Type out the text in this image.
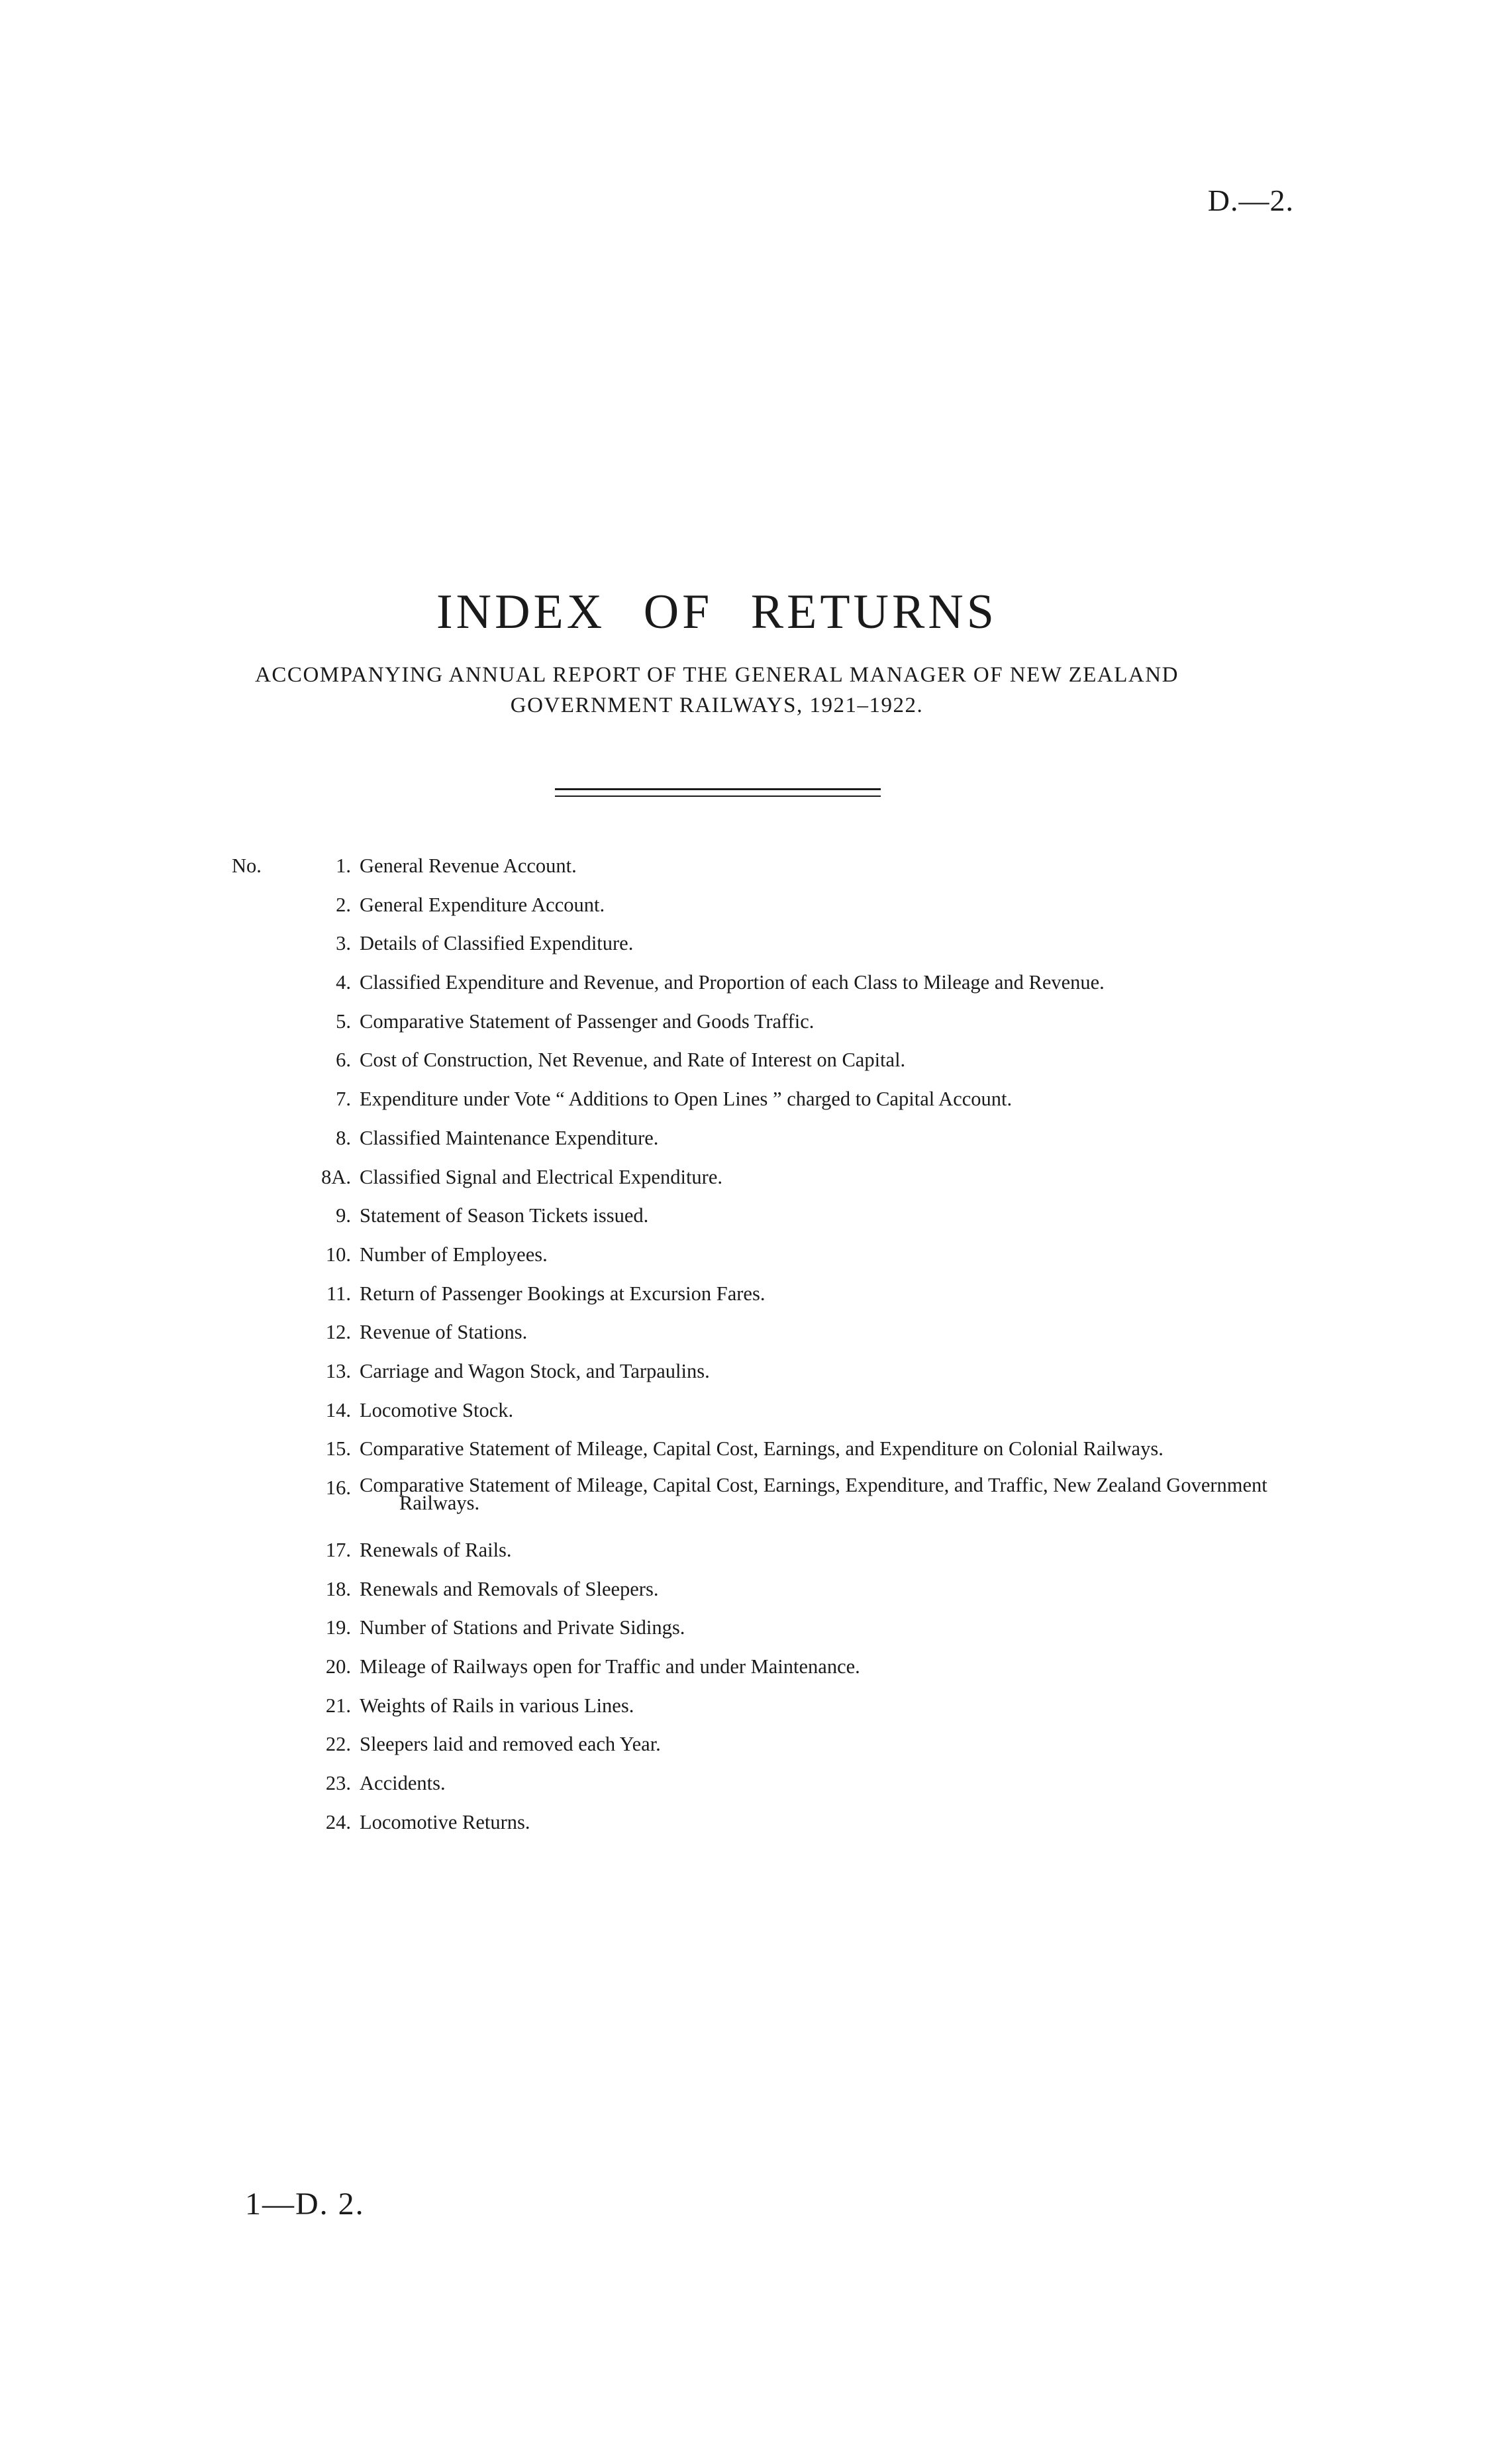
D.—2.
INDEX OF RETURNS
ACCOMPANYING ANNUAL REPORT OF THE GENERAL MANAGER OF NEW ZEALAND
GOVERNMENT RAILWAYS, 1921–1922.
No.	1. General Revenue Account.
2. General Expenditure Account.
3. Details of Classified Expenditure.
4. Classified Expenditure and Revenue, and Proportion of each Class to Mileage and Revenue.
5. Comparative Statement of Passenger and Goods Traffic.
6. Cost of Construction, Net Revenue, and Rate of Interest on Capital.
7. Expenditure under Vote “ Additions to Open Lines ” charged to Capital Account.
8. Classified Maintenance Expenditure.
8A. Classified Signal and Electrical Expenditure.
9. Statement of Season Tickets issued.
10. Number of Employees.
11. Return of Passenger Bookings at Excursion Fares.
12. Revenue of Stations.
13. Carriage and Wagon Stock, and Tarpaulins.
14. Locomotive Stock.
15. Comparative Statement of Mileage, Capital Cost, Earnings, and Expenditure on Colonial Railways.
16. Comparative Statement of Mileage, Capital Cost, Earnings, Expenditure, and Traffic, New Zealand Government Railways.
17. Renewals of Rails.
18. Renewals and Removals of Sleepers.
19. Number of Stations and Private Sidings.
20. Mileage of Railways open for Traffic and under Maintenance.
21. Weights of Rails in various Lines.
22. Sleepers laid and removed each Year.
23. Accidents.
24. Locomotive Returns.
1—D. 2.
